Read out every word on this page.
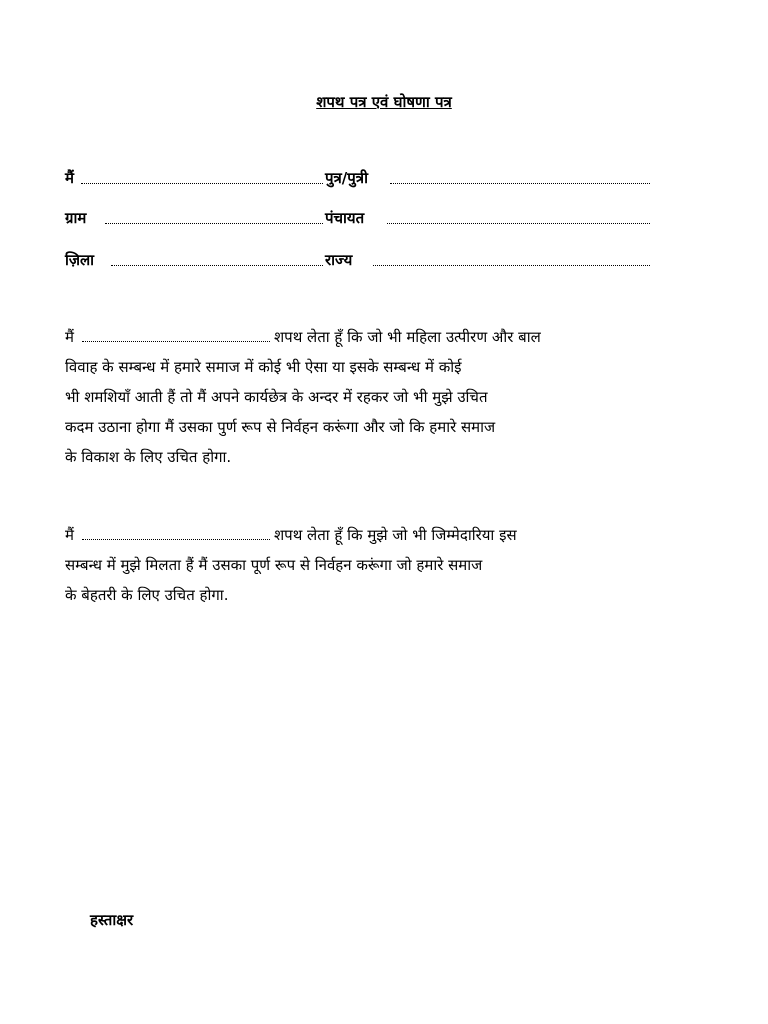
शपथ पत्र एवं घोषणा पत्र
मैं	पुत्र/पुत्री
ग्राम	पंचायत
ज़िला	राज्य
मैं	शपथ लेता हूँ कि जो भी महिला उत्पीरण और बाल
विवाह के सम्बन्ध में हमारे समाज में कोई भी ऐसा या इसके सम्बन्ध में कोई
भी शमशियाँ आती हैं तो मैं अपने कार्यछेत्र के अन्दर में रहकर जो भी मुझे उचित
कदम उठाना होगा मैं उसका पुर्ण रूप से निर्वहन करूंगा और जो कि हमारे समाज
के विकाश के लिए उचित होगा.
मैं	शपथ लेता हूँ कि मुझे जो भी जिम्मेदारिया इस
सम्बन्ध में मुझे मिलता हैं मैं उसका पूर्ण रूप से निर्वहन करूंगा जो हमारे समाज
के बेहतरी के लिए उचित होगा.
हस्ताक्षर
